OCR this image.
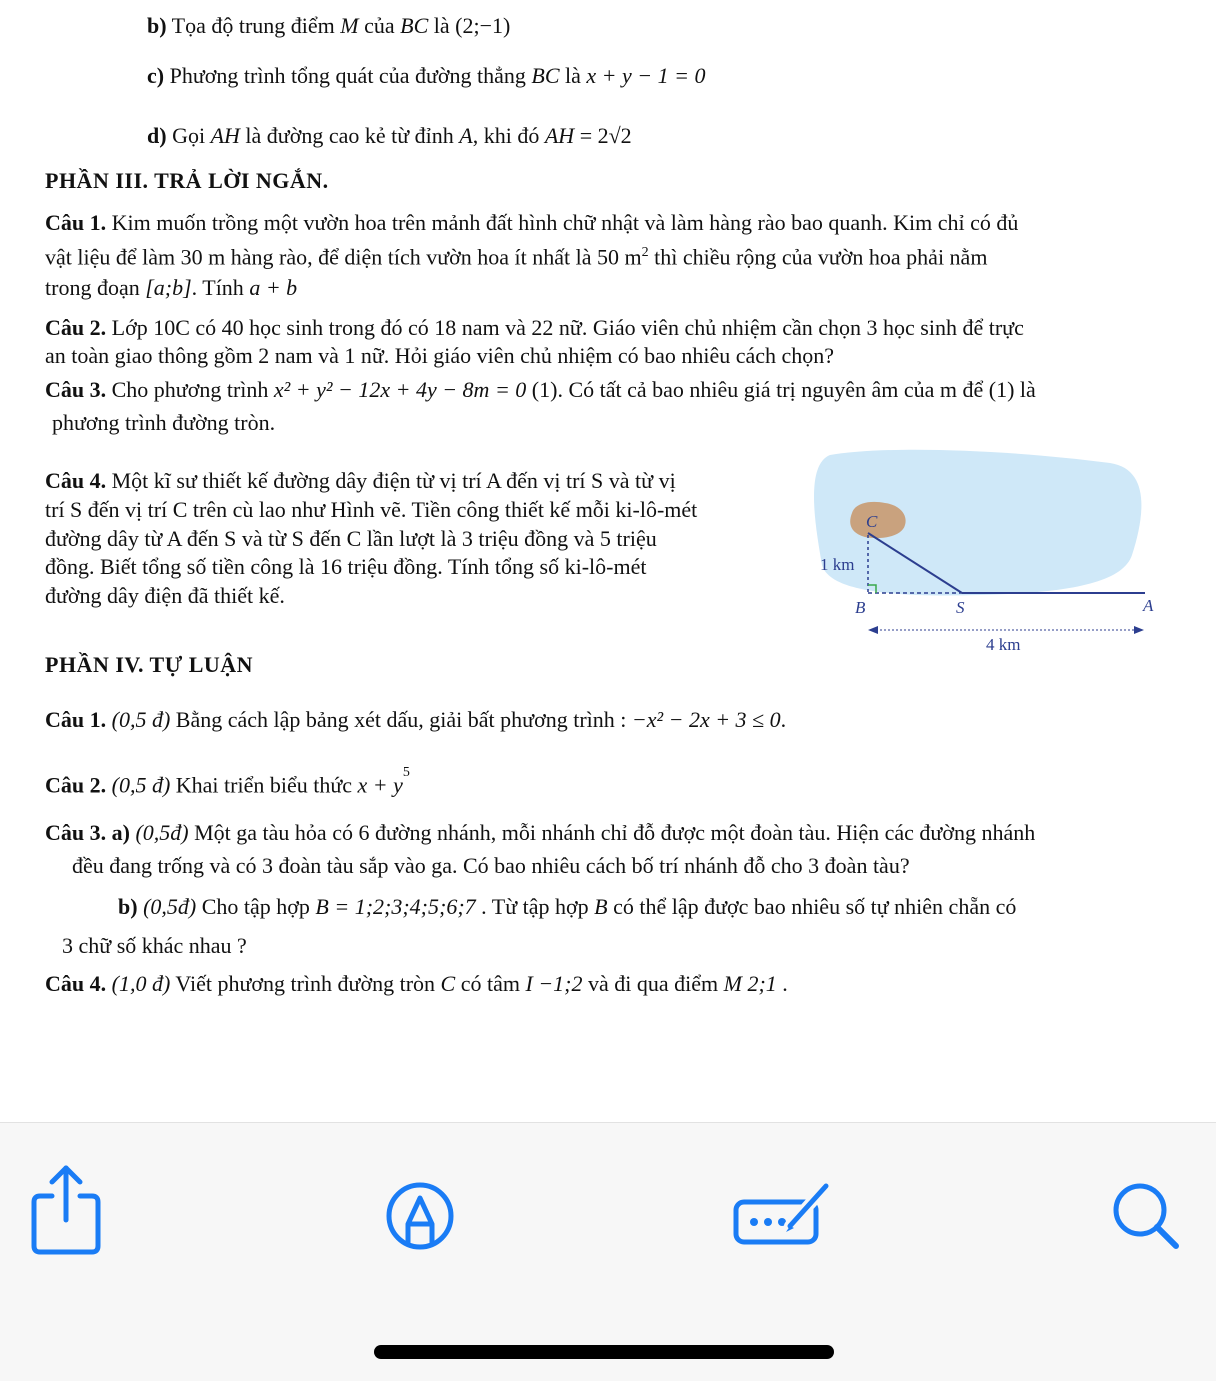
b) Tọa độ trung điểm M của BC là (2;−1)
c) Phương trình tổng quát của đường thẳng BC là x + y − 1 = 0
d) Gọi AH là đường cao kẻ từ đỉnh A, khi đó AH = 2√2
PHẦN III. TRẢ LỜI NGẮN.
Câu 1. Kim muốn trồng một vườn hoa trên mảnh đất hình chữ nhật và làm hàng rào bao quanh. Kim chỉ có đủ
vật liệu để làm 30 m hàng rào, để diện tích vườn hoa ít nhất là 50 $m^2$ thì chiều rộng của vườn hoa phải nằm
trong đoạn [a;b]. Tính a + b
Câu 2. Lớp 10C có 40 học sinh trong đó có 18 nam và 22 nữ. Giáo viên chủ nhiệm cần chọn 3 học sinh để trực
an toàn giao thông gồm 2 nam và 1 nữ. Hỏi giáo viên chủ nhiệm có bao nhiêu cách chọn?
Câu 3. Cho phương trình x² + y² − 12x + 4y − 8m = 0 (1). Có tất cả bao nhiêu giá trị nguyên âm của m để (1) là
phương trình đường tròn.
Câu 4. Một kĩ sư thiết kế đường dây điện từ vị trí A đến vị trí S và từ vị
trí S đến vị trí C trên cù lao như Hình vẽ. Tiền công thiết kế mỗi ki-lô-mét
đường dây từ A đến S và từ S đến C lần lượt là 3 triệu đồng và 5 triệu
đồng. Biết tổng số tiền công là 16 triệu đồng. Tính tổng số ki-lô-mét
đường dây điện đã thiết kế.
C
B	S	A
1 km
4 km
PHẦN IV. TỰ LUẬN
Câu 1. (0,5 đ) Bằng cách lập bảng xét dấu, giải bất phương trình : −x² − 2x + 3 ≤ 0.
Câu 2. (0,5 đ) Khai triển biểu thức $x + y^5$
Câu 3. a) (0,5đ) Một ga tàu hỏa có 6 đường nhánh, mỗi nhánh chỉ đỗ được một đoàn tàu. Hiện các đường nhánh
đều đang trống và có 3 đoàn tàu sắp vào ga. Có bao nhiêu cách bố trí nhánh đỗ cho 3 đoàn tàu?
b) (0,5đ) Cho tập hợp B = 1;2;3;4;5;6;7 . Từ tập hợp B có thể lập được bao nhiêu số tự nhiên chẵn có
3 chữ số khác nhau ?
Câu 4. (1,0 đ) Viết phương trình đường tròn C có tâm I −1;2 và đi qua điểm M 2;1 .
